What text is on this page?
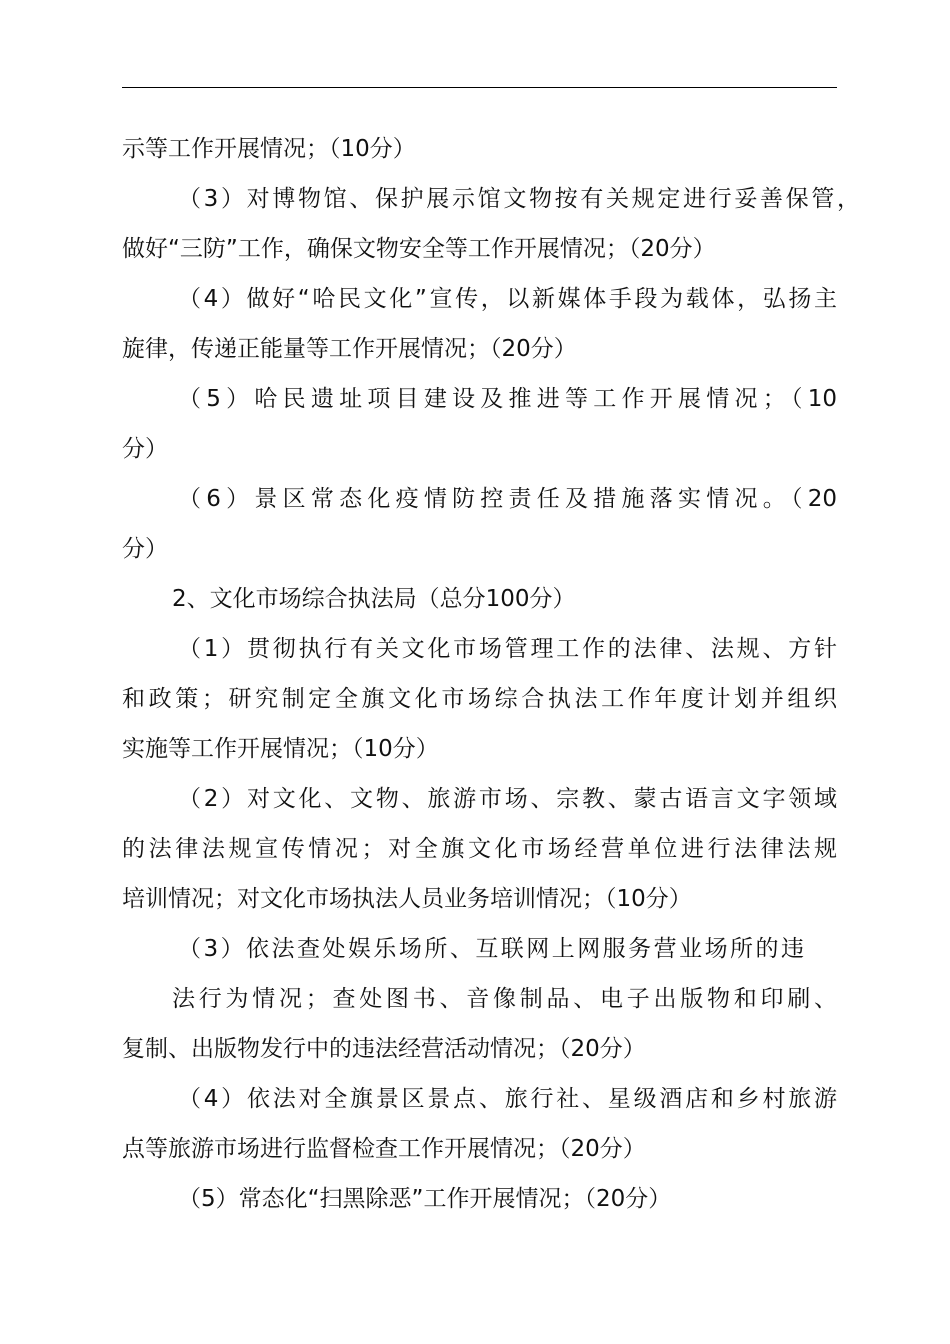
示等工作开展情况；（10分）
（3）对博物馆、保护展示馆文物按有关规定进行妥善保管，
做好“三防”工作，确保文物安全等工作开展情况；（20分）
（4）做好“哈民文化”宣传，以新媒体手段为载体，弘扬主
旋律，传递正能量等工作开展情况；（20分）
（5）哈民遗址项目建设及推进等工作开展情况；（10
分）
（6）景区常态化疫情防控责任及措施落实情况。（20
分）
2、文化市场综合执法局（总分100分）
（1）贯彻执行有关文化市场管理工作的法律、法规、方针
和政策；研究制定全旗文化市场综合执法工作年度计划并组织
实施等工作开展情况；（10分）
（2）对文化、文物、旅游市场、宗教、蒙古语言文字领域
的法律法规宣传情况；对全旗文化市场经营单位进行法律法规
培训情况；对文化市场执法人员业务培训情况；（10分）
（3）依法查处娱乐场所、互联网上网服务营业场所的违
法行为情况；查处图书、音像制品、电子出版物和印刷、
复制、出版物发行中的违法经营活动情况；（20分）
（4）依法对全旗景区景点、旅行社、星级酒店和乡村旅游
点等旅游市场进行监督检查工作开展情况；（20分）
（5）常态化“扫黑除恶”工作开展情况；（20分）
